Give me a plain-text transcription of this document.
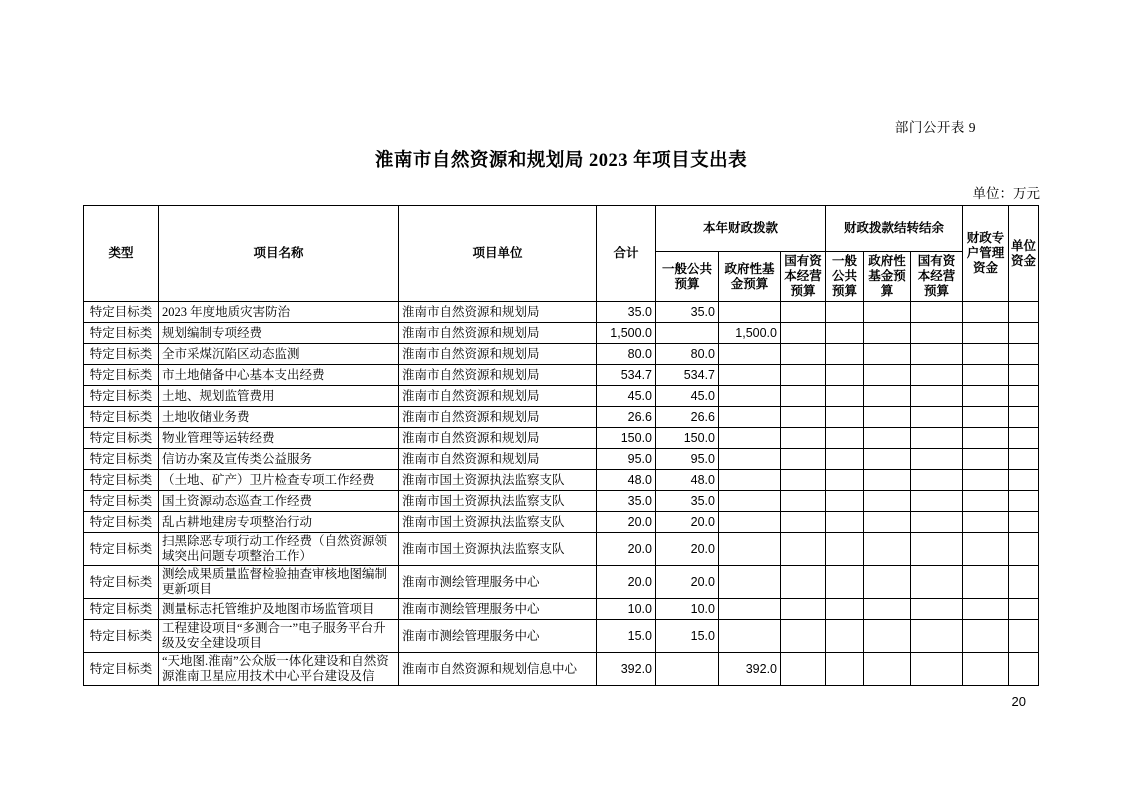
部门公开表 9
淮南市自然资源和规划局 2023 年项目支出表
单位：万元
类型	项目名称	项目单位	合计	本年财政拨款			财政拨款结转结余			财政专户管理资金	单位资金
				一般公共预算	政府性基金预算	国有资本经营预算	一般公共预算	政府性基金预算	国有资本经营预算		
特定目标类	2023 年度地质灾害防治	淮南市自然资源和规划局	35.0	35.0							
特定目标类	规划编制专项经费	淮南市自然资源和规划局	1,500.0		1,500.0						
特定目标类	全市采煤沉陷区动态监测	淮南市自然资源和规划局	80.0	80.0							
特定目标类	市土地储备中心基本支出经费	淮南市自然资源和规划局	534.7	534.7							
特定目标类	土地、规划监管费用	淮南市自然资源和规划局	45.0	45.0							
特定目标类	土地收储业务费	淮南市自然资源和规划局	26.6	26.6							
特定目标类	物业管理等运转经费	淮南市自然资源和规划局	150.0	150.0							
特定目标类	信访办案及宣传类公益服务	淮南市自然资源和规划局	95.0	95.0							
特定目标类	（土地、矿产）卫片检查专项工作经费	淮南市国土资源执法监察支队	48.0	48.0							
特定目标类	国土资源动态巡查工作经费	淮南市国土资源执法监察支队	35.0	35.0							
特定目标类	乱占耕地建房专项整治行动	淮南市国土资源执法监察支队	20.0	20.0							
特定目标类	扫黑除恶专项行动工作经费（自然资源领域突出问题专项整治工作）	淮南市国土资源执法监察支队	20.0	20.0							
特定目标类	测绘成果质量监督检验抽查审核地图编制更新项目	淮南市测绘管理服务中心	20.0	20.0							
特定目标类	测量标志托管维护及地图市场监管项目	淮南市测绘管理服务中心	10.0	10.0							
特定目标类	工程建设项目“多测合一”电子服务平台升级及安全建设项目	淮南市测绘管理服务中心	15.0	15.0							
特定目标类	“天地图.淮南”公众版一体化建设和自然资源淮南卫星应用技术中心平台建设及信	淮南市自然资源和规划信息中心	392.0		392.0						
20
